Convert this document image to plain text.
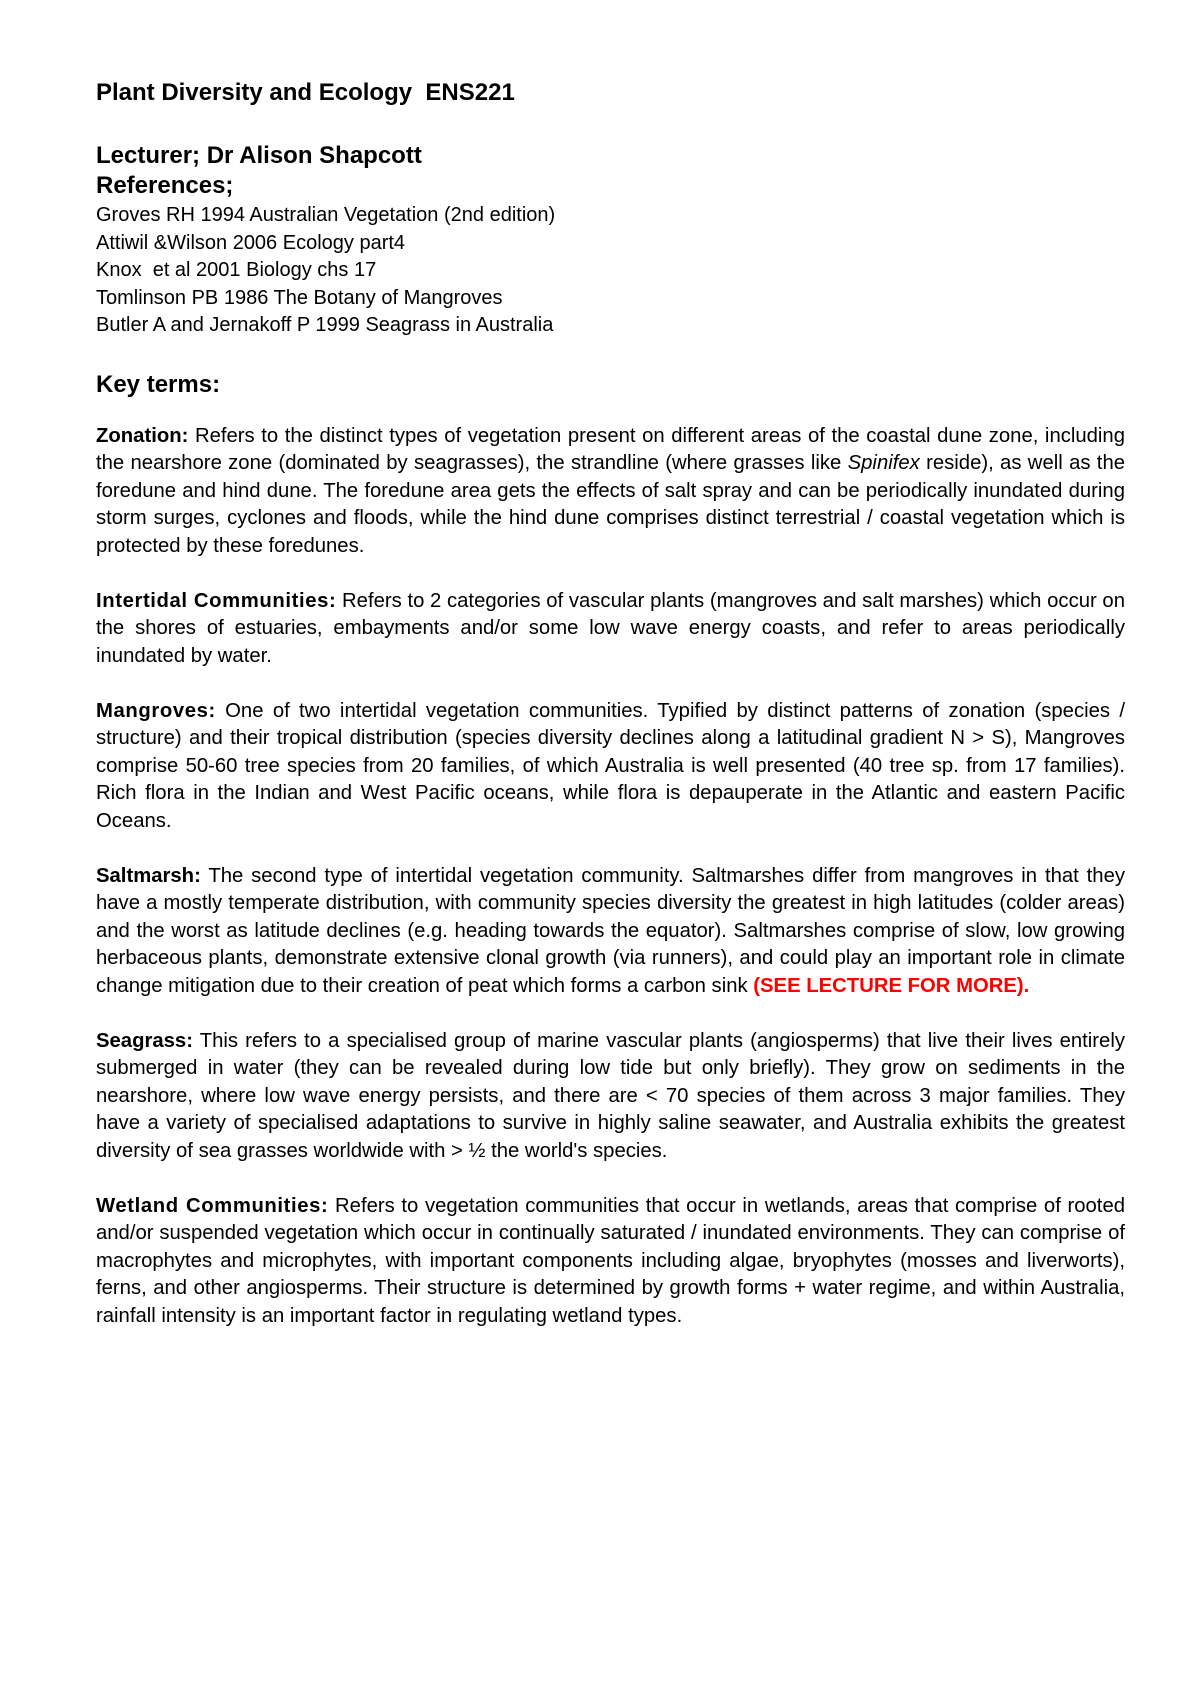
Plant Diversity and Ecology  ENS221
Lecturer; Dr Alison Shapcott
References;
Groves RH 1994 Australian Vegetation (2nd edition)
Attiwil &Wilson 2006 Ecology part4
Knox  et al 2001 Biology chs 17
Tomlinson PB 1986 The Botany of Mangroves
Butler A and Jernakoff P 1999 Seagrass in Australia
Key terms:

Zonation: Refers to the distinct types of vegetation present on different areas of the coastal dune zone, including the nearshore zone (dominated by seagrasses), the strandline (where grasses like Spinifex reside), as well as the foredune and hind dune. The foredune area gets the effects of salt spray and can be periodically inundated during storm surges, cyclones and floods, while the hind dune comprises distinct terrestrial / coastal vegetation which is protected by these foredunes.

Intertidal Communities: Refers to 2 categories of vascular plants (mangroves and salt marshes) which occur on the shores of estuaries, embayments and/or some low wave energy coasts, and refer to areas periodically inundated by water.

Mangroves: One of two intertidal vegetation communities. Typified by distinct patterns of zonation (species / structure) and their tropical distribution (species diversity declines along a latitudinal gradient N > S), Mangroves comprise 50-60 tree species from 20 families, of which Australia is well presented (40 tree sp. from 17 families). Rich flora in the Indian and West Pacific oceans, while flora is depauperate in the Atlantic and eastern Pacific Oceans.

Saltmarsh: The second type of intertidal vegetation community. Saltmarshes differ from mangroves in that they have a mostly temperate distribution, with community species diversity the greatest in high latitudes (colder areas) and the worst as latitude declines (e.g. heading towards the equator). Saltmarshes comprise of slow, low growing herbaceous plants, demonstrate extensive clonal growth (via runners), and could play an important role in climate change mitigation due to their creation of peat which forms a carbon sink (SEE LECTURE FOR MORE).

Seagrass: This refers to a specialised group of marine vascular plants (angiosperms) that live their lives entirely submerged in water (they can be revealed during low tide but only briefly). They grow on sediments in the nearshore, where low wave energy persists, and there are < 70 species of them across 3 major families. They have a variety of specialised adaptations to survive in highly saline seawater, and Australia exhibits the greatest diversity of sea grasses worldwide with > ½ the world's species.

Wetland Communities: Refers to vegetation communities that occur in wetlands, areas that comprise of rooted and/or suspended vegetation which occur in continually saturated / inundated environments. They can comprise of macrophytes and microphytes, with important components including algae, bryophytes (mosses and liverworts), ferns, and other angiosperms. Their structure is determined by growth forms + water regime, and within Australia, rainfall intensity is an important factor in regulating wetland types.
